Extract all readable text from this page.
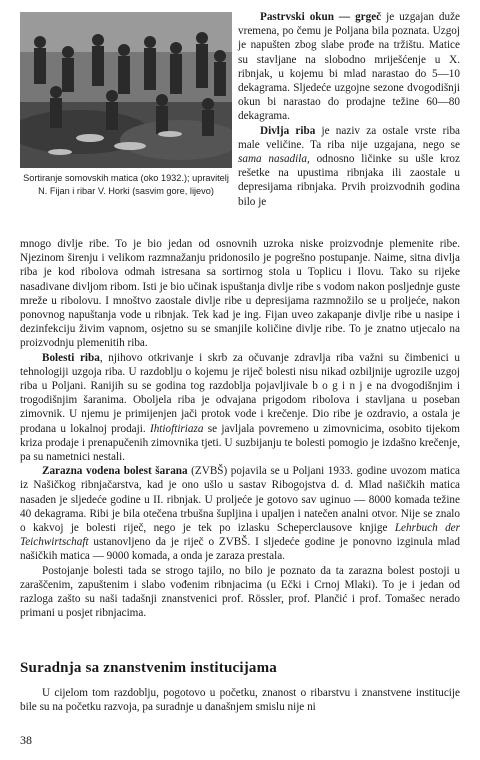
Sortiranje somovskih matica (oko 1932.); upravitelj N. Fijan i ribar V. Horki (sasvim gore, lijevo)

Pastrvski okun — grgeč je uzgajan duže vremena, po čemu je Poljana bila poznata. Uzgoj je napušten zbog slabe prođe na tržištu. Matice su stavljane na slobodno mriješćenje u X. ribnjak, u kojemu bi mlad narastao do 5—10 dekagrama. Sljedeće uzgojne sezone dvogodišnji okun bi narastao do prodajne težine 60—80 dekagrama.

Divlja riba je naziv za ostale vrste riba male veličine. Ta riba nije uzgajana, nego se sama nasadila, odnosno ličinke su ušle kroz rešetke na upustima ribnjaka ili zaostale u depresijama ribnjaka. Prvih proizvodnih godina bilo je

mnogo divlje ribe. To je bio jedan od osnovnih uzroka niske proizvodnje plemenite ribe. Njezinom širenju i velikom razmnažanju pridonosilo je pogrešno postupanje. Naime, sitna divlja riba je kod ribolova odmah istresana sa sortirnog stola u Toplicu i Ilovu. Tako su rijeke nasadivane divljom ribom. Isti je bio učinak ispuštanja divlje ribe s vodom nakon posljednje guste mreže u ribolovu. I mnoštvo zaostale divlje ribe u depresijama razmnožilo se u proljeće, nakon ponovnog napuštanja vode u ribnjak. Tek kad je ing. Fijan uveo zakapanje divlje ribe u nasipe i dezinfekciju živim vapnom, osjetno su se smanjile količine divlje ribe. To je znatno utjecalo na proizvodnju plemenitih riba.

Bolesti riba, njihovo otkrivanje i skrb za očuvanje zdravlja riba važni su čimbenici u tehnologiji uzgoja riba. U razdoblju o kojemu je riječ bolesti nisu nikad ozbiljnije ugrozile uzgoj riba u Poljani. Ranijih su se godina tog razdoblja pojavljivale b o g i n j e na dvogodišnjim i trogodišnjim šaranima. Oboljela riba je odvajana prigodom ribolova i stavljana u poseban zimovnik. U njemu je primijenjen jači protok vode i krečenje. Dio ribe je ozdravio, a ostala je prodana u lokalnoj prodaji. Ihtioftiriaza se javljala povremeno u zimovnicima, osobito tijekom kriza prodaje i prenapučenih zimovnika tjeti. U suzbijanju te bolesti pomogio je izdašno krečenje, pa su nametnici nestali.

Zarazna vodena bolest šarana (ZVBŠ) pojavila se u Poljani 1933. godine uvozom matica iz Našičkog ribnjačarstva, kad je ono ušlo u sastav Ribogojstva d. d. Mlad našičkih matica nasaden je sljedeće godine u II. ribnjak. U proljeće je gotovo sav uginuo — 8000 komada težine 40 dekagrama. Ribi je bila otečena trbušna šupljina i upaljen i natečen analni otvor. Nije se znalo o kakvoj je bolesti riječ, nego je tek po izlasku Scheperclausove knjige Lehrbuch der Teichwirtschaft ustanovljeno da je riječ o ZVBŠ. I sljedeće godine je ponovno izginula mlad našičkih matica — 9000 komada, a onda je zaraza prestala.

Postojanje bolesti tada se strogo tajilo, no bilo je poznato da ta zarazna bolest postoji u zaraščenim, zapuštenim i slabo vođenim ribnjacima (u Ečki i Crnoj Mlaki). To je i jedan od razloga zašto su naši tadašnji znanstvenici prof. Rössler, prof. Plančić i prof. Tomašec nerado primani u posjet ribnjacima.

Suradnja sa znanstvenim institucijama

U cijelom tom razdoblju, pogotovo u početku, znanost o ribarstvu i znanstvene institucije bile su na početku razvoja, pa suradnje u današnjem smislu nije ni

38
